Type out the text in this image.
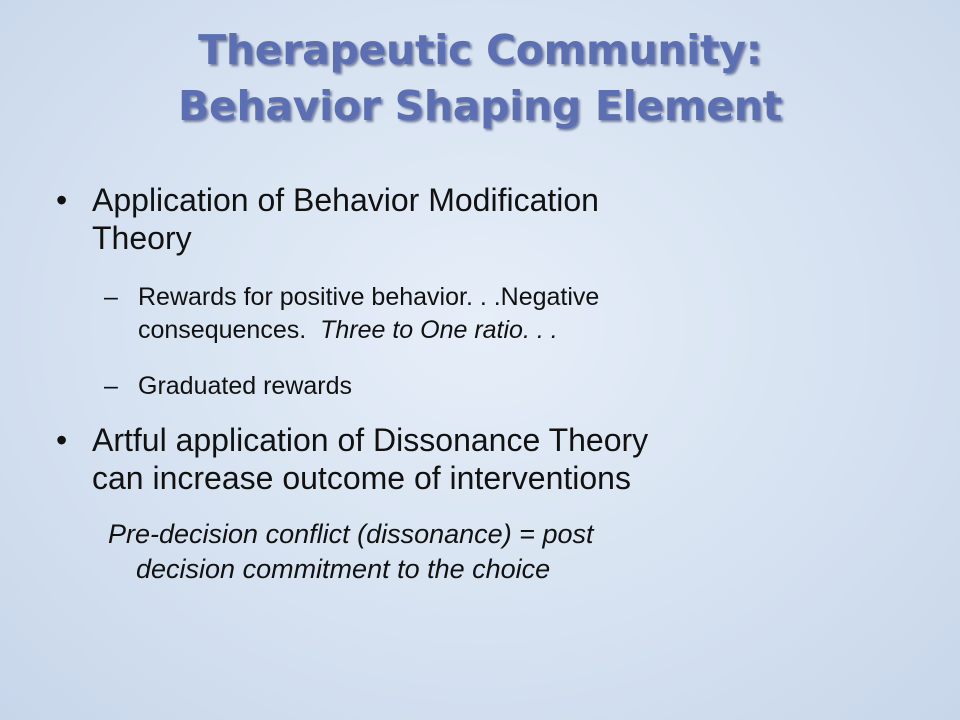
Therapeutic Community:
Behavior Shaping Element
• Application of Behavior Modification
Theory
– Rewards for positive behavior. . .Negative
consequences.  Three to One ratio. . .
– Graduated rewards
• Artful application of Dissonance Theory
can increase outcome of interventions
Pre-decision conflict (dissonance) = post
decision commitment to the choice
